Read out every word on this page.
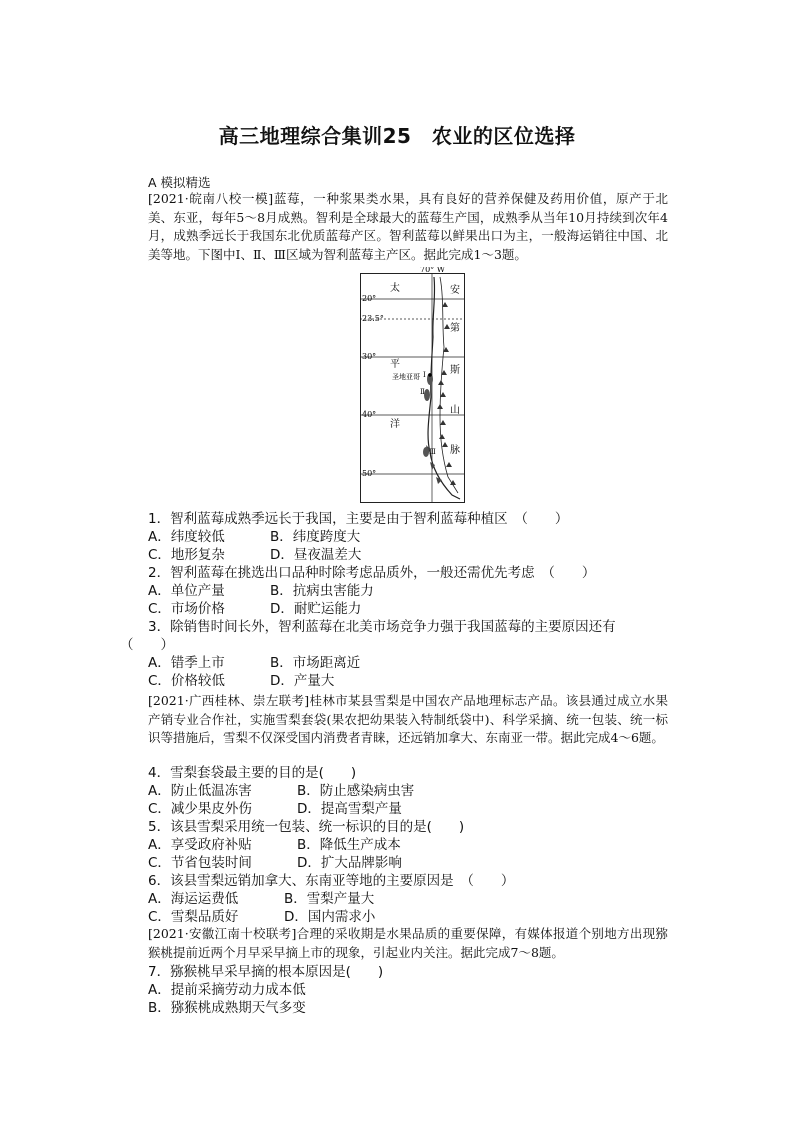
高三地理综合集训25　农业的区位选择
A 模拟精选
[2021·皖南八校一模]蓝莓，一种浆果类水果，具有良好的营养保健及药用价值，原产于北美、东亚，每年5～8月成熟。智利是全球最大的蓝莓生产国，成熟季从当年10月持续到次年4月，成熟季远长于我国东北优质蓝莓产区。智利蓝莓以鲜果出口为主，一般海运销往中国、北美等地。下图中Ⅰ、Ⅱ、Ⅲ区域为智利蓝莓主产区。据此完成1～3题。
70° W
20°
23.5°
30°
40°
50°
太
平
洋
安
第
斯
山
脉
圣地亚哥 Ⅰ
Ⅱ
Ⅲ
1．智利蓝莓成熟季远长于我国，主要是由于智利蓝莓种植区　（　　）
A．纬度较低	B．纬度跨度大
C．地形复杂	D．昼夜温差大
2．智利蓝莓在挑选出口品种时除考虑品质外，一般还需优先考虑　（　　）
A．单位产量	B．抗病虫害能力
C．市场价格	D．耐贮运能力
3．除销售时间长外，智利蓝莓在北美市场竞争力强于我国蓝莓的主要原因还有
（　　）
A．错季上市	B．市场距离近
C．价格较低	D．产量大
[2021·广西桂林、崇左联考]桂林市某县雪梨是中国农产品地理标志产品。该县通过成立水果产销专业合作社，实施雪梨套袋(果农把幼果装入特制纸袋中)、科学采摘、统一包装、统一标识等措施后，雪梨不仅深受国内消费者青睐，还远销加拿大、东南亚一带。据此完成4～6题。
4．雪梨套袋最主要的目的是(　　)
A．防止低温冻害	B．防止感染病虫害
C．减少果皮外伤	D．提高雪梨产量
5．该县雪梨采用统一包装、统一标识的目的是(　　)
A．享受政府补贴	B．降低生产成本
C．节省包装时间	D．扩大品牌影响
6．该县雪梨远销加拿大、东南亚等地的主要原因是　（　　）
A．海运运费低	B．雪梨产量大
C．雪梨品质好	D．国内需求小
[2021·安徽江南十校联考]合理的采收期是水果品质的重要保障，有媒体报道个别地方出现猕猴桃提前近两个月早采早摘上市的现象，引起业内关注。据此完成7～8题。
7．猕猴桃早采早摘的根本原因是(　　)
A．提前采摘劳动力成本低
B．猕猴桃成熟期天气多变
